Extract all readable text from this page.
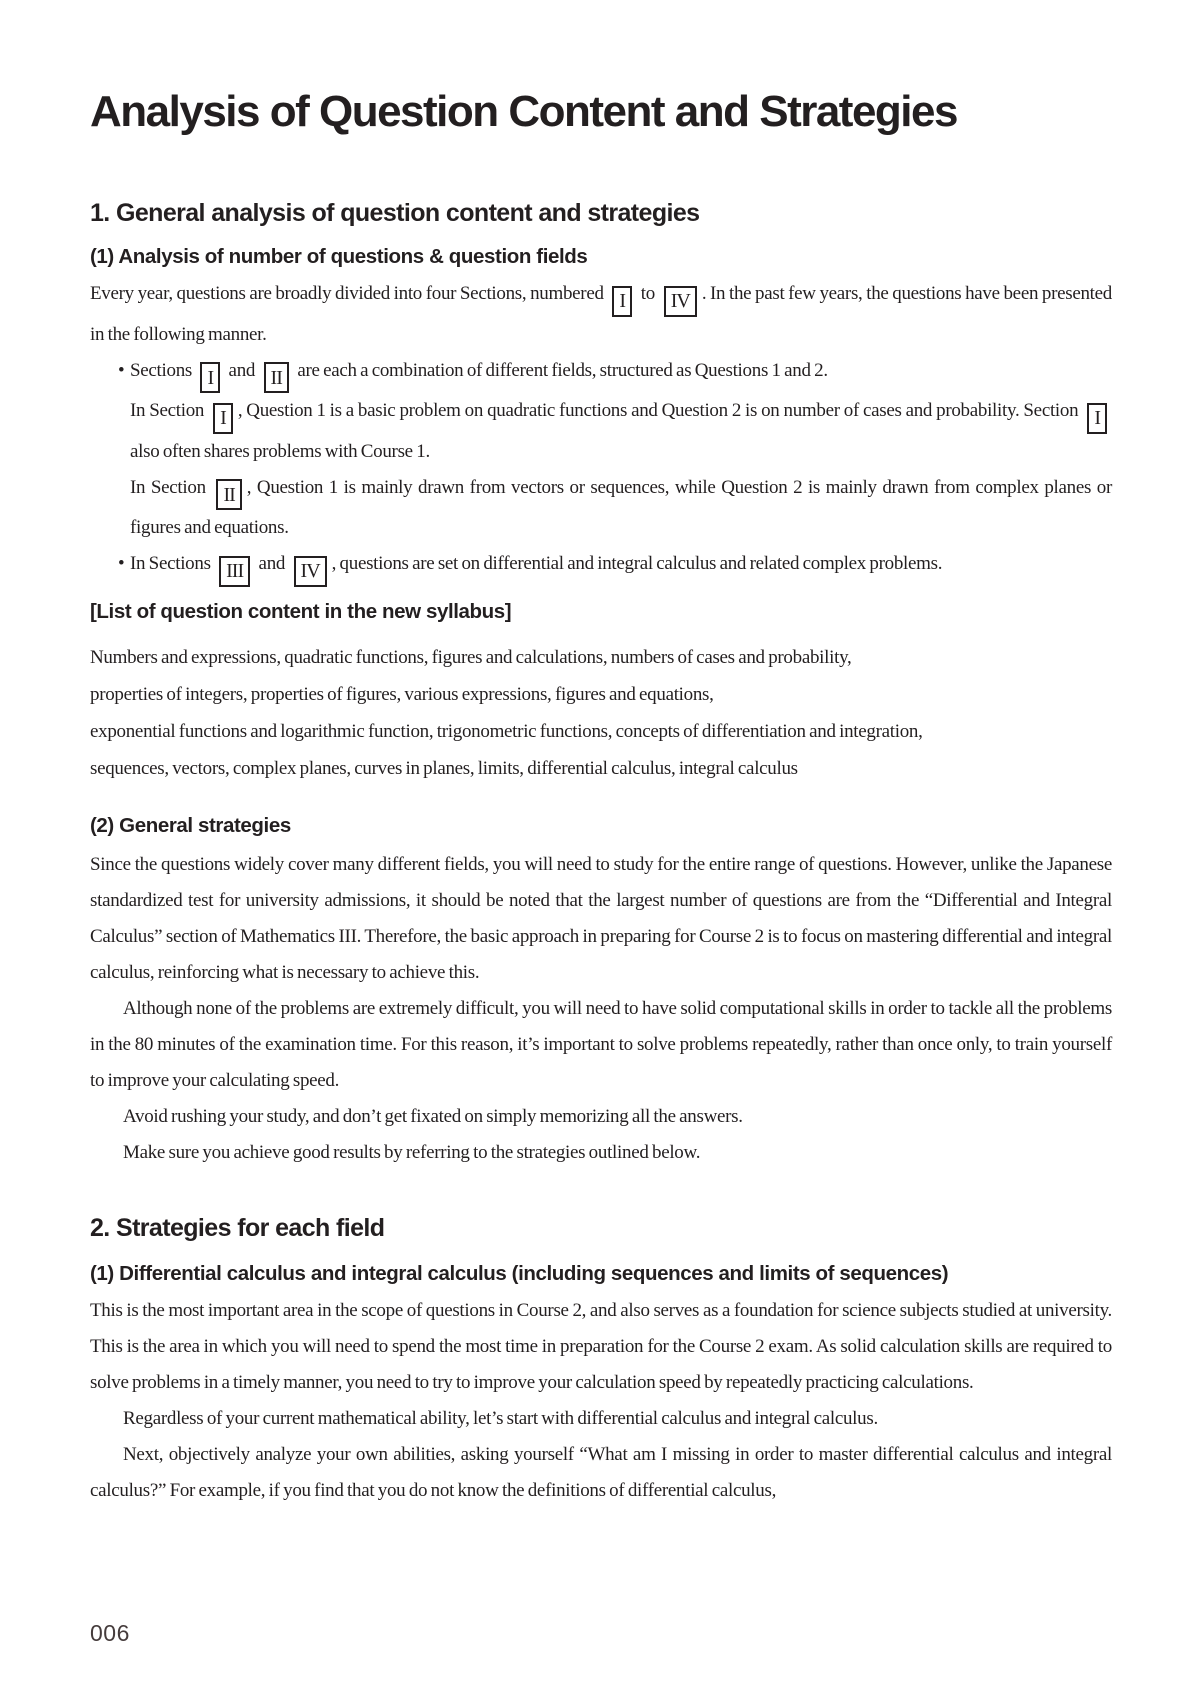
Analysis of Question Content and Strategies
1. General analysis of question content and strategies
(1) Analysis of number of questions & question fields

Every year, questions are broadly divided into four Sections, numbered I to IV . In the past few years, the questions have been presented in the following manner.

• Sections I and II are each a combination of different fields, structured as Questions 1 and 2.

In Section I , Question 1 is a basic problem on quadratic functions and Question 2 is on number of cases and probability. Section I also often shares problems with Course 1.

In Section II , Question 1 is mainly drawn from vectors or sequences, while Question 2 is mainly drawn from complex planes or figures and equations.

• In Sections III and IV , questions are set on differential and integral calculus and related complex problems.

[List of question content in the new syllabus]

Numbers and expressions, quadratic functions, figures and calculations, numbers of cases and probability,

properties of integers, properties of figures, various expressions, figures and equations,

exponential functions and logarithmic function, trigonometric functions, concepts of differentiation and integration,

sequences, vectors, complex planes, curves in planes, limits, differential calculus, integral calculus

(2) General strategies

Since the questions widely cover many different fields, you will need to study for the entire range of questions. However, unlike the Japanese standardized test for university admissions, it should be noted that the largest number of questions are from the “Differential and Integral Calculus” section of Mathematics III. Therefore, the basic approach in preparing for Course 2 is to focus on mastering differential and integral calculus, reinforcing what is necessary to achieve this.

Although none of the problems are extremely difficult, you will need to have solid computational skills in order to tackle all the problems in the 80 minutes of the examination time. For this reason, it’s important to solve problems repeatedly, rather than once only, to train yourself to improve your calculating speed.

Avoid rushing your study, and don’t get fixated on simply memorizing all the answers.

Make sure you achieve good results by referring to the strategies outlined below.

2. Strategies for each field
(1) Differential calculus and integral calculus (including sequences and limits of sequences)

This is the most important area in the scope of questions in Course 2, and also serves as a foundation for science subjects studied at university. This is the area in which you will need to spend the most time in preparation for the Course 2 exam. As solid calculation skills are required to solve problems in a timely manner, you need to try to improve your calculation speed by repeatedly practicing calculations.

Regardless of your current mathematical ability, let’s start with differential calculus and integral calculus.

Next, objectively analyze your own abilities, asking yourself “What am I missing in order to master differential calculus and integral calculus?” For example, if you find that you do not know the definitions of differential calculus,

006
